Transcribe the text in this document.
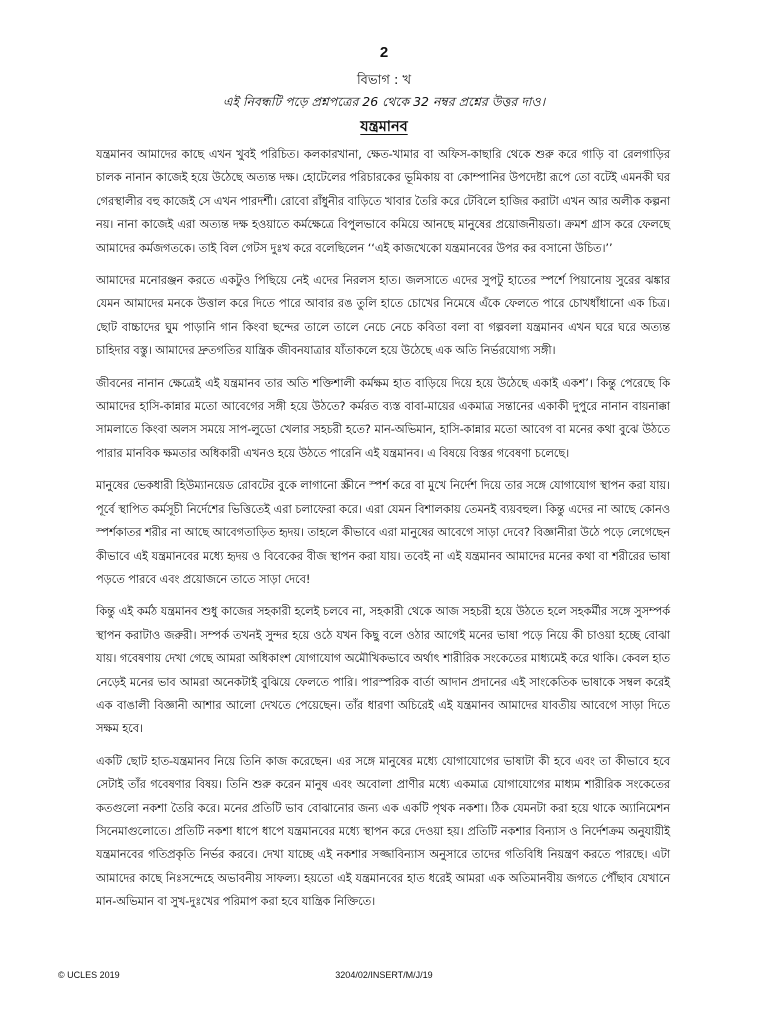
2
বিভাগ : খ
এই নিবন্ধটি পড়ে প্রশ্নপত্রের 26 থেকে 32 নম্বর প্রশ্নের উত্তর দাও।
যন্ত্রমানব

যন্ত্রমানব আমাদের কাছে এখন খুবই পরিচিত। কলকারখানা, ক্ষেত-খামার বা অফিস-কাছারি থেকে শুরু করে গাড়ি বা রেলগাড়ির চালক নানান কাজেই হয়ে উঠেছে অত্যন্ত দক্ষ। হোটেলের পরিচারকের ভূমিকায় বা কোম্পানির উপদেষ্টা রূপে তো বটেই এমনকী ঘর গেরস্থালীর বহু কাজেই সে এখন পারদর্শী। রোবো রাঁধুনীর বাড়িতে খাবার তৈরি করে টেবিলে হাজির করাটা এখন আর অলীক কল্পনা নয়। নানা কাজেই এরা অত্যন্ত দক্ষ হওয়াতে কর্মক্ষেত্রে বিপুলভাবে কমিয়ে আনছে মানুষের প্রয়োজনীয়তা। ক্রমশ গ্রাস করে ফেলছে আমাদের কর্মজগতকে। তাই বিল গেটস দুঃখ করে বলেছিলেন ‘‘এই কাজখেকো যন্ত্রমানবের উপর কর বসানো উচিত।’’

আমাদের মনোরঞ্জন করতে একটুও পিছিয়ে নেই এদের নিরলস হাত। জলসাতে এদের সুপটু হাতের স্পর্শে পিয়ানোয় সুরের ঝঙ্কার যেমন আমাদের মনকে উত্তাল করে দিতে পারে আবার রঙ তুলি হাতে চোখের নিমেষে এঁকে ফেলতে পারে চোখধাঁধানো এক চিত্র। ছোট বাচ্চাদের ঘুম পাড়ানি গান কিংবা ছন্দের তালে তালে নেচে নেচে কবিতা বলা বা গল্পবলা যন্ত্রমানব এখন ঘরে ঘরে অত্যন্ত চাহিদার বস্তু। আমাদের দ্রুতগতির যান্ত্রিক জীবনযাত্রার যাঁতাকলে হয়ে উঠেছে এক অতি নির্ভরযোগ্য সঙ্গী।

জীবনের নানান ক্ষেত্রেই এই যন্ত্রমানব তার অতি শক্তিশালী কর্মক্ষম হাত বাড়িয়ে দিয়ে হয়ে উঠেছে একাই একশ’। কিন্তু পেরেছে কি আমাদের হাসি-কান্নার মতো আবেগের সঙ্গী হয়ে উঠতে? কর্মরত ব্যস্ত বাবা-মায়ের একমাত্র সন্তানের একাকী দুপুরে নানান বায়নাক্কা সামলাতে কিংবা অলস সময়ে সাপ-লুডো খেলার সহচরী হতে? মান-অভিমান, হাসি-কান্নার মতো আবেগ বা মনের কথা বুঝে উঠতে পারার মানবিক ক্ষমতার অধিকারী এখনও হয়ে উঠতে পারেনি এই যন্ত্রমানব। এ বিষয়ে বিস্তর গবেষণা চলেছে।

মানুষের ভেকধারী হিউম্যানয়েড রোবটের বুকে লাগানো স্ক্রীনে স্পর্শ করে বা মুখে নির্দেশ দিয়ে তার সঙ্গে যোগাযোগ স্থাপন করা যায়। পূর্বে স্থাপিত কর্মসূচী নির্দেশের ভিত্তিতেই এরা চলাফেরা করে। এরা যেমন বিশালকায় তেমনই ব্যয়বহুল। কিন্তু এদের না আছে কোনও স্পর্শকাতর শরীর না আছে আবেগতাড়িত হৃদয়। তাহলে কীভাবে এরা মানুষের আবেগে সাড়া দেবে? বিজ্ঞানীরা উঠে পড়ে লেগেছেন কীভাবে এই যন্ত্রমানবের মধ্যে হৃদয় ও বিবেকের বীজ স্থাপন করা যায়। তবেই না এই যন্ত্রমানব আমাদের মনের কথা বা শরীরের ভাষা পড়তে পারবে এবং প্রয়োজনে তাতে সাড়া দেবে!

কিন্তু এই কর্মঠ যন্ত্রমানব শুধু কাজের সহকারী হলেই চলবে না, সহকারী থেকে আজ সহচরী হয়ে উঠতে হলে সহকর্মীর সঙ্গে সুসম্পর্ক স্থাপন করাটাও জরুরী। সম্পর্ক তখনই সুন্দর হয়ে ওঠে যখন কিছু বলে ওঠার আগেই মনের ভাষা পড়ে নিয়ে কী চাওয়া হচ্ছে বোঝা যায়। গবেষণায় দেখা গেছে আমরা অধিকাংশ যোগাযোগ অমৌখিকভাবে অর্থাৎ শারীরিক সংকেতের মাধ্যমেই করে থাকি। কেবল হাত নেড়েই মনের ভাব আমরা অনেকটাই বুঝিয়ে ফেলতে পারি। পারস্পরিক বার্তা আদান প্রদানের এই সাংকেতিক ভাষাকে সম্বল করেই এক বাঙালী বিজ্ঞানী আশার আলো দেখতে পেয়েছেন। তাঁর ধারণা অচিরেই এই যন্ত্রমানব আমাদের যাবতীয় আবেগে সাড়া দিতে সক্ষম হবে।

একটি ছোট হাত-যন্ত্রমানব নিয়ে তিনি কাজ করেছেন। এর সঙ্গে মানুষের মধ্যে যোগাযোগের ভাষাটা কী হবে এবং তা কীভাবে হবে সেটাই তাঁর গবেষণার বিষয়। তিনি শুরু করেন মানুষ এবং অবোলা প্রাণীর মধ্যে একমাত্র যোগাযোগের মাধ্যম শারীরিক সংকেতের কতগুলো নকশা তৈরি করে। মনের প্রতিটি ভাব বোঝানোর জন্য এক একটি পৃথক নকশা। ঠিক যেমনটা করা হয়ে থাকে অ্যানিমেশন সিনেমাগুলোতে। প্রতিটি নকশা ধাপে ধাপে যন্ত্রমানবের মধ্যে স্থাপন করে দেওয়া হয়। প্রতিটি নকশার বিন্যাস ও নির্দেশক্রম অনুযায়ীই যন্ত্রমানবের গতিপ্রকৃতি নির্ভর করবে। দেখা যাচ্ছে এই নকশার সজ্জাবিন্যাস অনুসারে তাদের গতিবিধি নিয়ন্ত্রণ করতে পারছে। এটা আমাদের কাছে নিঃসন্দেহে অভাবনীয় সাফল্য। হয়তো এই যন্ত্রমানবের হাত ধরেই আমরা এক অতিমানবীয় জগতে পৌঁছাব যেখানে মান-অভিমান বা সুখ-দুঃখের পরিমাপ করা হবে যান্ত্রিক নিক্তিতে।

© UCLES 2019	3204/02/INSERT/M/J/19
